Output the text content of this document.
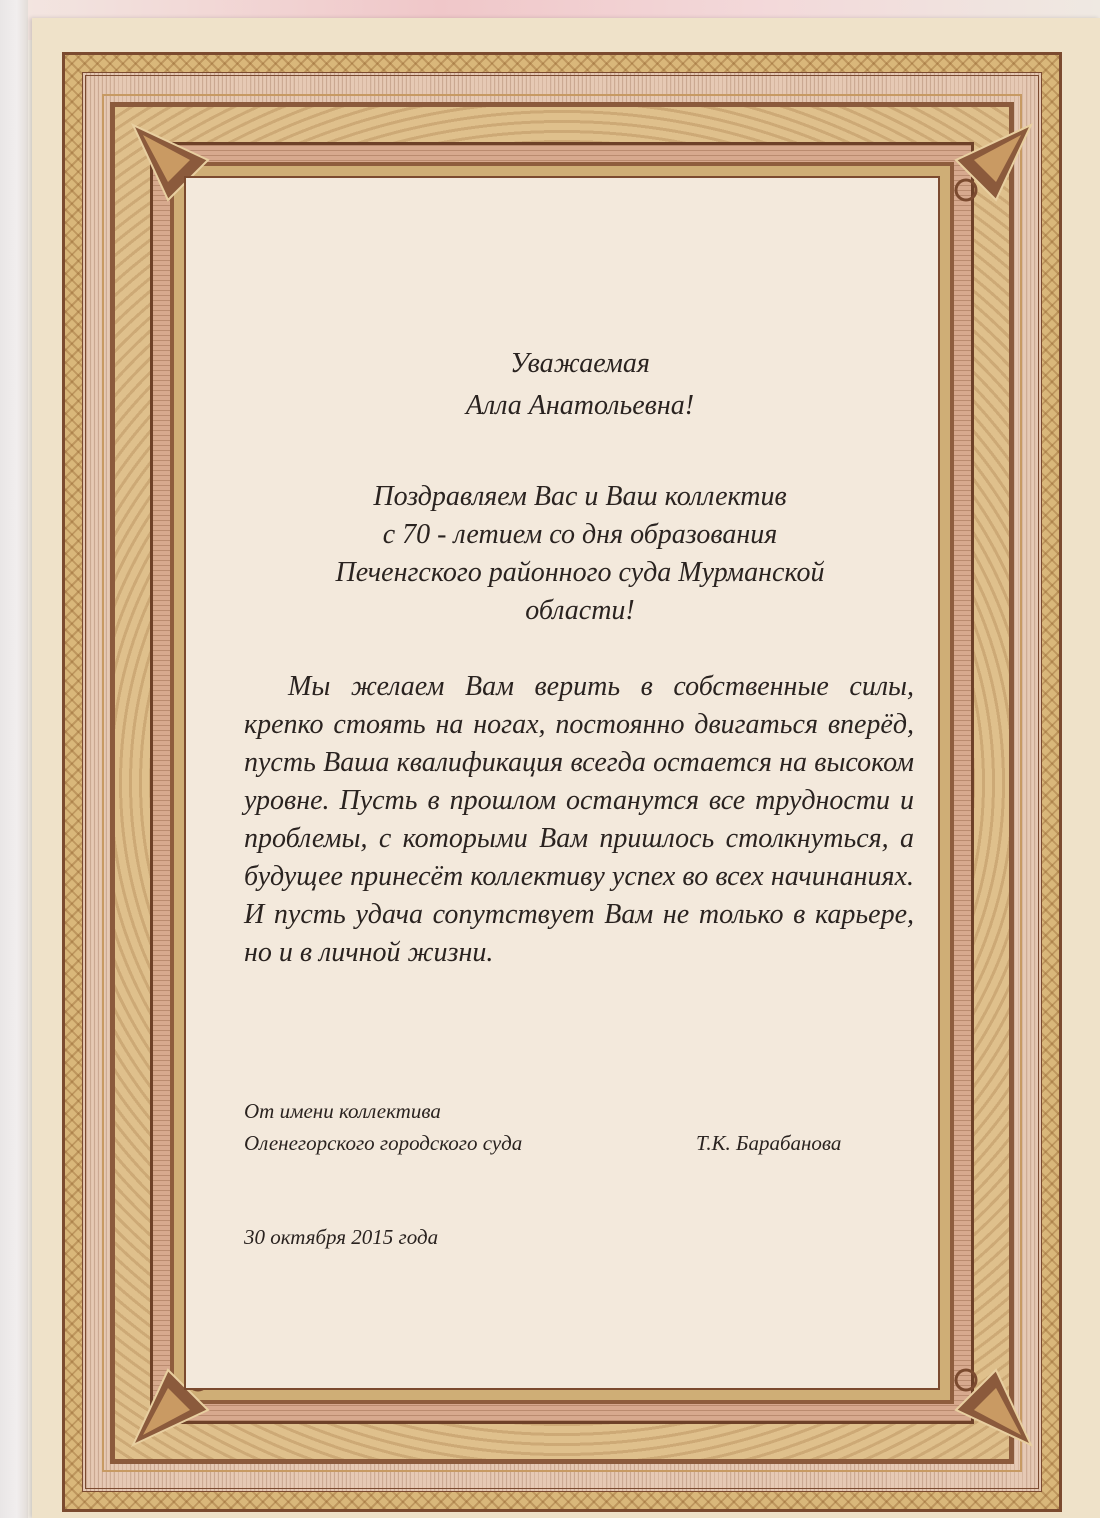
Уважаемая
Алла Анатольевна!
Поздравляем Вас и Ваш коллектив
с 70 - летием со дня образования
Печенгского районного суда Мурманской
области!
Мы желаем Вам верить в собственные силы, крепко стоять на ногах, постоянно двигаться вперёд, пусть Ваша квалификация всегда остается на высоком уровне. Пусть в прошлом останутся все трудности и проблемы, с которыми Вам пришлось столкнуться, а будущее принесёт коллективу успех во всех начинаниях. И пусть удача сопутствует Вам не только в карьере, но и в личной жизни.
От имени коллектива
Оленегорского городского суда	Т.К. Барабанова
30 октября 2015 года
